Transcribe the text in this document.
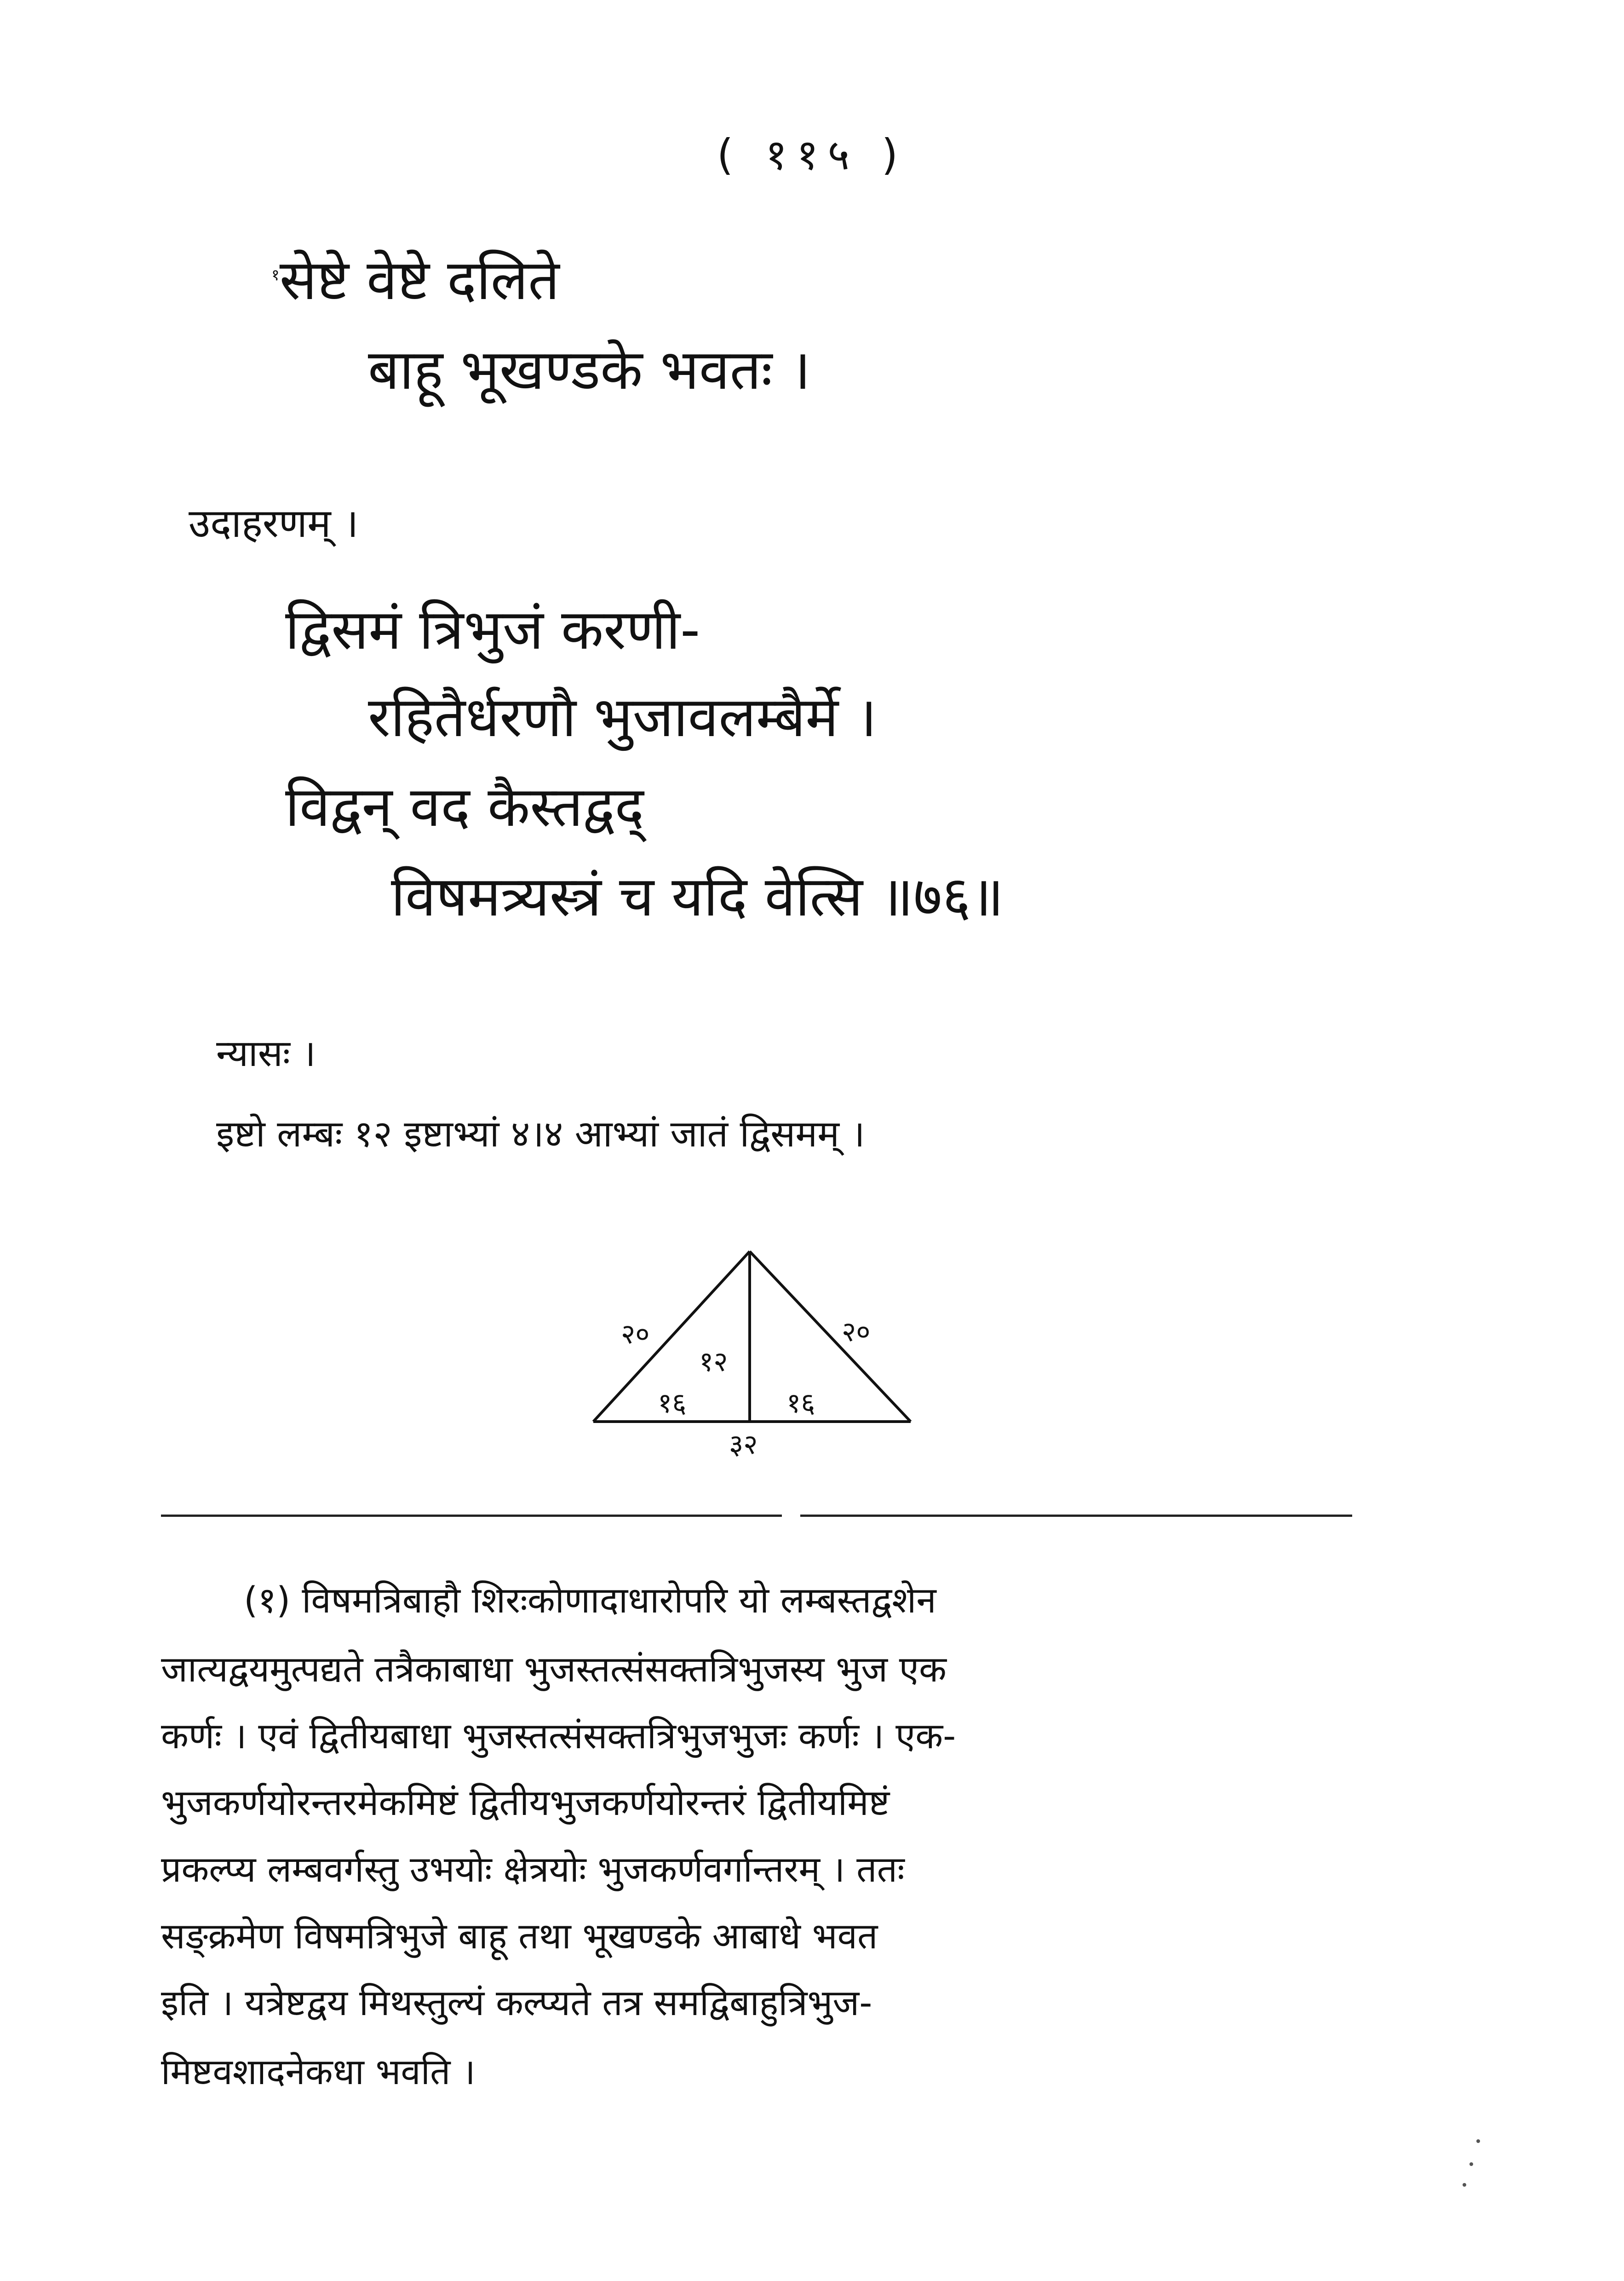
( ११५ )
$^१$सेष्टे वेष्टे दलिते
बाहू भूखण्डके भवतः ।
उदाहरणम् ।
द्विसमं त्रिभुजं करणी-
रहितैर्धरणौ भुजावलम्बैर्मे ।
विद्वन् वद कैस्तद्वद्
विषमत्र्यस्त्रं च यदि वेत्सि ॥७६॥
न्यासः ।
इष्टो लम्बः १२ इष्टाभ्यां ४।४ आभ्यां जातं द्विसमम् ।
२०	२०
१२
१६	१६
३२
(१) विषमत्रिबाहौ शिरःकोणादाधारोपरि यो लम्बस्तद्वशेन
जात्यद्वयमुत्पद्यते तत्रैकाबाधा भुजस्तत्संसक्तत्रिभुजस्य भुज एक
कर्णः । एवं द्वितीयबाधा भुजस्तत्संसक्तत्रिभुजभुजः कर्णः । एक-
भुजकर्णयोरन्तरमेकमिष्टं द्वितीयभुजकर्णयोरन्तरं द्वितीयमिष्टं
प्रकल्प्य लम्बवर्गस्तु उभयोः क्षेत्रयोः भुजकर्णवर्गान्तरम् । ततः
सङ्क्रमेण विषमत्रिभुजे बाहू तथा भूखण्डके आबाधे भवत
इति । यत्रेष्टद्वय मिथस्तुल्यं कल्प्यते तत्र समद्विबाहुत्रिभुज-
मिष्टवशादनेकधा भवति ।
